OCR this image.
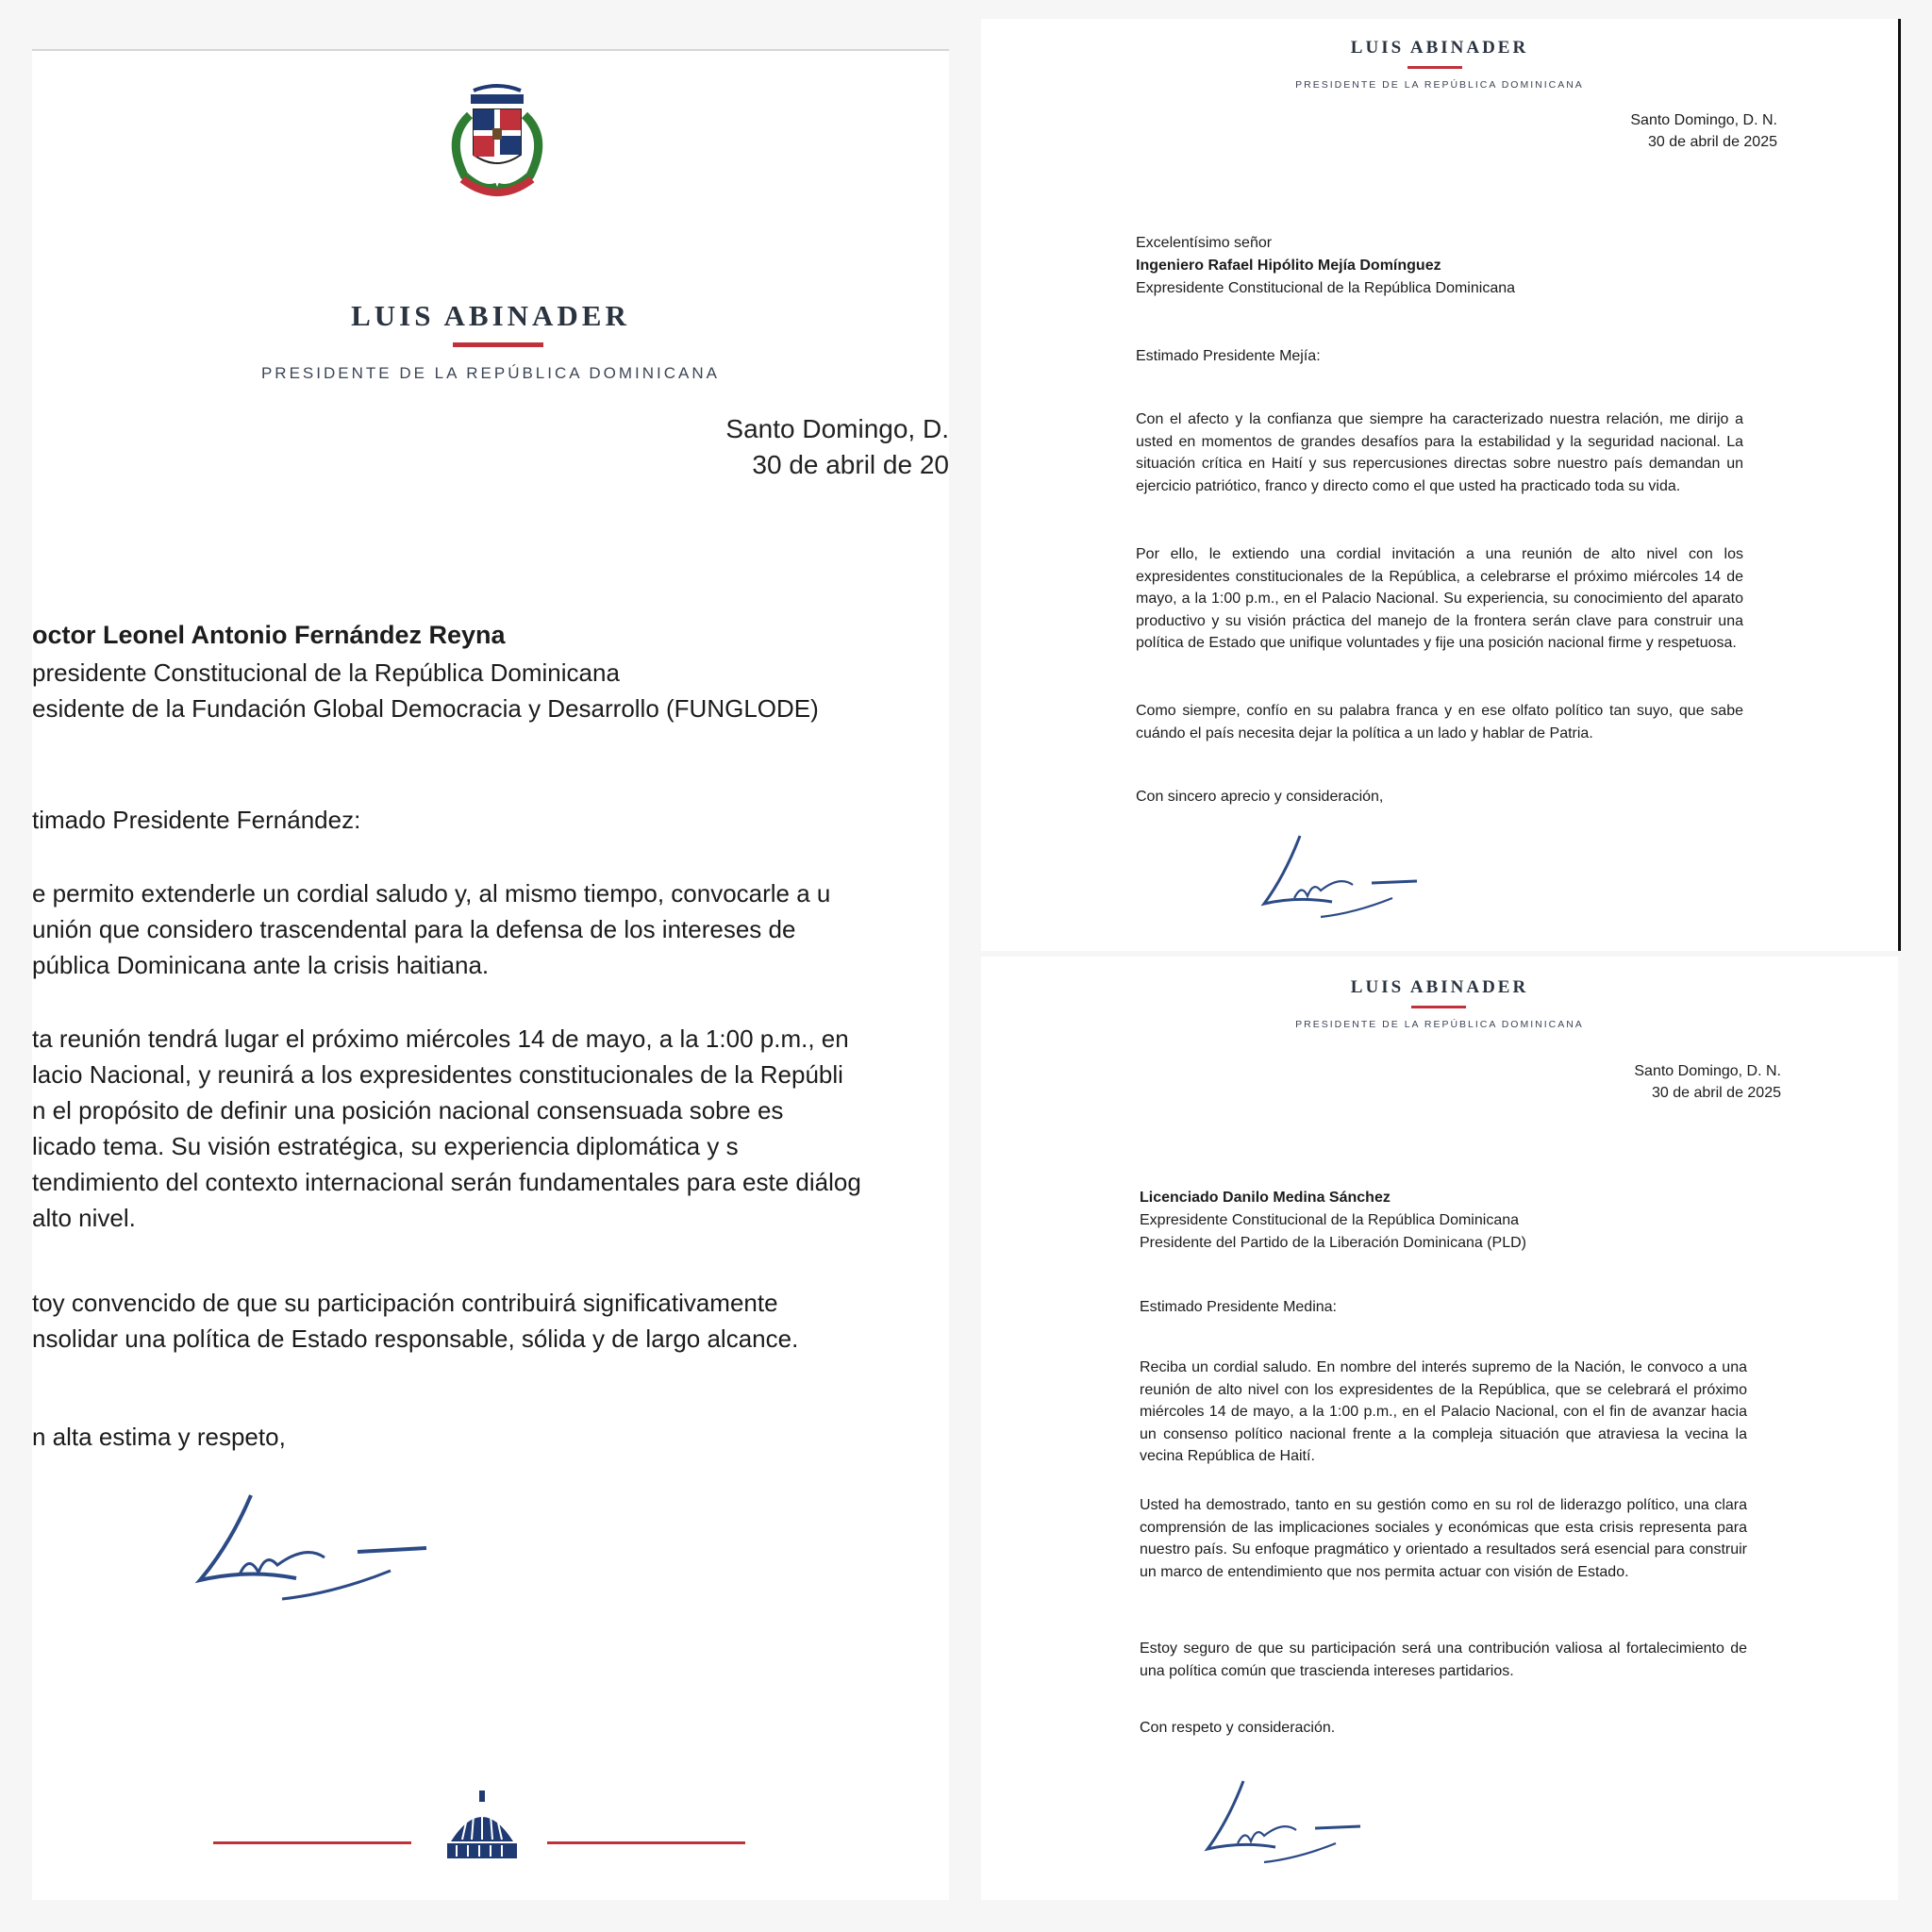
LUIS ABINADER
PRESIDENTE DE LA REPÚBLICA DOMINICANA
Santo Domingo, D.
30 de abril de 20
octor Leonel Antonio Fernández Reyna
presidente Constitucional de la República Dominicana
esidente de la Fundación Global Democracia y Desarrollo (FUNGLODE)
timado Presidente Fernández:
e permito extenderle un cordial saludo y, al mismo tiempo, convocarle a u
unión que considero trascendental para la defensa de los intereses de
pública Dominicana ante la crisis haitiana.
ta reunión tendrá lugar el próximo miércoles 14 de mayo, a la 1:00 p.m., en
lacio Nacional, y reunirá a los expresidentes constitucionales de la Repúbli
n el propósito de definir una posición nacional consensuada sobre es
licado tema. Su visión estratégica, su experiencia diplomática y s
tendimiento del contexto internacional serán fundamentales para este diálog
alto nivel.
toy convencido de que su participación contribuirá significativamente
nsolidar una política de Estado responsable, sólida y de largo alcance.
n alta estima y respeto,
LUIS ABINADER
PRESIDENTE DE LA REPÚBLICA DOMINICANA
Santo Domingo, D. N.
30 de abril de 2025
Excelentísimo señor
Ingeniero Rafael Hipólito Mejía Domínguez
Expresidente Constitucional de la República Dominicana
Estimado Presidente Mejía:

Con el afecto y la confianza que siempre ha caracterizado nuestra relación, me dirijo a usted en momentos de grandes desafíos para la estabilidad y la seguridad nacional. La situación crítica en Haití y sus repercusiones directas sobre nuestro país demandan un ejercicio patriótico, franco y directo como el que usted ha practicado toda su vida.

Por ello, le extiendo una cordial invitación a una reunión de alto nivel con los expresidentes constitucionales de la República, a celebrarse el próximo miércoles 14 de mayo, a la 1:00 p.m., en el Palacio Nacional. Su experiencia, su conocimiento del aparato productivo y su visión práctica del manejo de la frontera serán clave para construir una política de Estado que unifique voluntades y fije una posición nacional firme y respetuosa.

Como siempre, confío en su palabra franca y en ese olfato político tan suyo, que sabe cuándo el país necesita dejar la política a un lado y hablar de Patria.

Con sincero aprecio y consideración,
LUIS ABINADER
PRESIDENTE DE LA REPÚBLICA DOMINICANA
Santo Domingo, D. N.
30 de abril de 2025
Licenciado Danilo Medina Sánchez
Expresidente Constitucional de la República Dominicana
Presidente del Partido de la Liberación Dominicana (PLD)
Estimado Presidente Medina:

Reciba un cordial saludo. En nombre del interés supremo de la Nación, le convoco a una reunión de alto nivel con los expresidentes de la República, que se celebrará el próximo miércoles 14 de mayo, a la 1:00 p.m., en el Palacio Nacional, con el fin de avanzar hacia un consenso político nacional frente a la compleja situación que atraviesa la vecina la vecina República de Haití.

Usted ha demostrado, tanto en su gestión como en su rol de liderazgo político, una clara comprensión de las implicaciones sociales y económicas que esta crisis representa para nuestro país. Su enfoque pragmático y orientado a resultados será esencial para construir un marco de entendimiento que nos permita actuar con visión de Estado.

Estoy seguro de que su participación será una contribución valiosa al fortalecimiento de una política común que trascienda intereses partidarios.

Con respeto y consideración.
